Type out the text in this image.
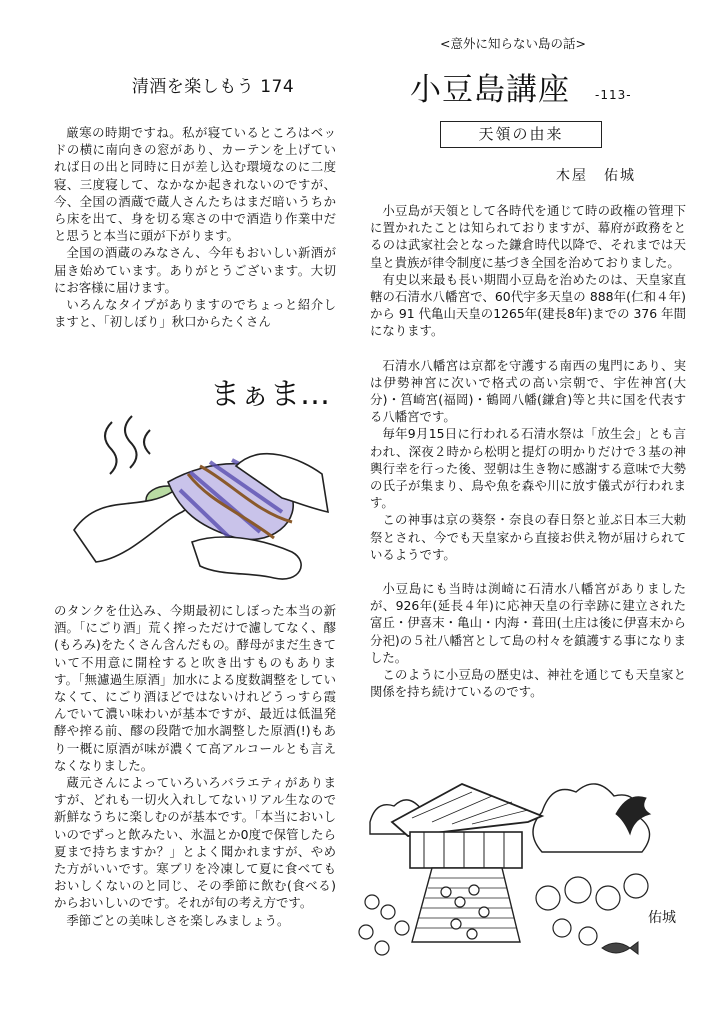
清酒を楽しもう 174

厳寒の時期ですね。私が寝ているところはベッドの横に南向きの窓があり、カーテンを上げていれば日の出と同時に日が差し込む環境なのに二度寝、三度寝して、なかなか起きれないのですが、今、全国の酒蔵で蔵人さんたちはまだ暗いうちから床を出て、身を切る寒さの中で酒造り作業中だと思うと本当に頭が下がります。

全国の酒蔵のみなさん、今年もおいしい新酒が届き始めています。ありがとうございます。大切にお客様に届けます。

いろんなタイプがありますのでちょっと紹介しますと、「初しぼり」秋口からたくさん

まぁま…

のタンクを仕込み、今期最初にしぼった本当の新酒。「にごり酒」荒く搾っただけで濾してなく、醪(もろみ)をたくさん含んだもの。酵母がまだ生きていて不用意に開栓すると吹き出すものもあります。「無濾過生原酒」加水による度数調整をしていなくて、にごり酒ほどではないけれどうっすら霞んでいて濃い味わいが基本ですが、最近は低温発酵や搾る前、醪の段階で加水調整した原酒(!)もあり一概に原酒が味が濃くて高アルコールとも言えなくなりました。

蔵元さんによっていろいろバラエティがありますが、どれも一切火入れしてないリアル生なので新鮮なうちに楽しむのが基本です。「本当においしいのでずっと飲みたい、氷温とか0度で保管したら夏まで持ちますか？」とよく聞かれますが、やめた方がいいです。寒ブリを冷凍して夏に食べてもおいしくないのと同じ、その季節に飲む(食べる)からおいしいのです。それが旬の考え方です。

季節ごとの美味しさを楽しみましょう。

<意外に知らない島の話>
小豆島講座 -113-
天領の由来
木屋　佑城

小豆島が天領として各時代を通じて時の政権の管理下に置かれたことは知られておりますが、幕府が政務をとるのは武家社会となった鎌倉時代以降で、それまでは天皇と貴族が律令制度に基づき全国を治めておりました。

有史以来最も長い期間小豆島を治めたのは、天皇家直轄の石清水八幡宮で、60代宇多天皇の 888年(仁和４年)から 91 代亀山天皇の1265年(建長8年)までの 376 年間になります。

石清水八幡宮は京都を守護する南西の鬼門にあり、実は伊勢神宮に次いで格式の高い宗朝で、宇佐神宮(大分)・筥崎宮(福岡)・鶴岡八幡(鎌倉)等と共に国を代表する八幡宮です。

毎年9月15日に行われる石清水祭は「放生会」とも言われ、深夜２時から松明と提灯の明かりだけで３基の神輿行幸を行った後、翌朝は生き物に感謝する意味で大勢の氏子が集まり、鳥や魚を森や川に放す儀式が行われます。

この神事は京の葵祭・奈良の春日祭と並ぶ日本三大勅祭とされ、今でも天皇家から直接お供え物が届けられているようです。

小豆島にも当時は渕崎に石清水八幡宮がありましたが、926年(延長４年)に応神天皇の行幸跡に建立された富丘・伊喜末・亀山・内海・葺田(土庄は後に伊喜末から分祀)の５社八幡宮として島の村々を鎮護する事になりました。

このように小豆島の歴史は、神社を通じても天皇家と関係を持ち続けているのです。

佑城
